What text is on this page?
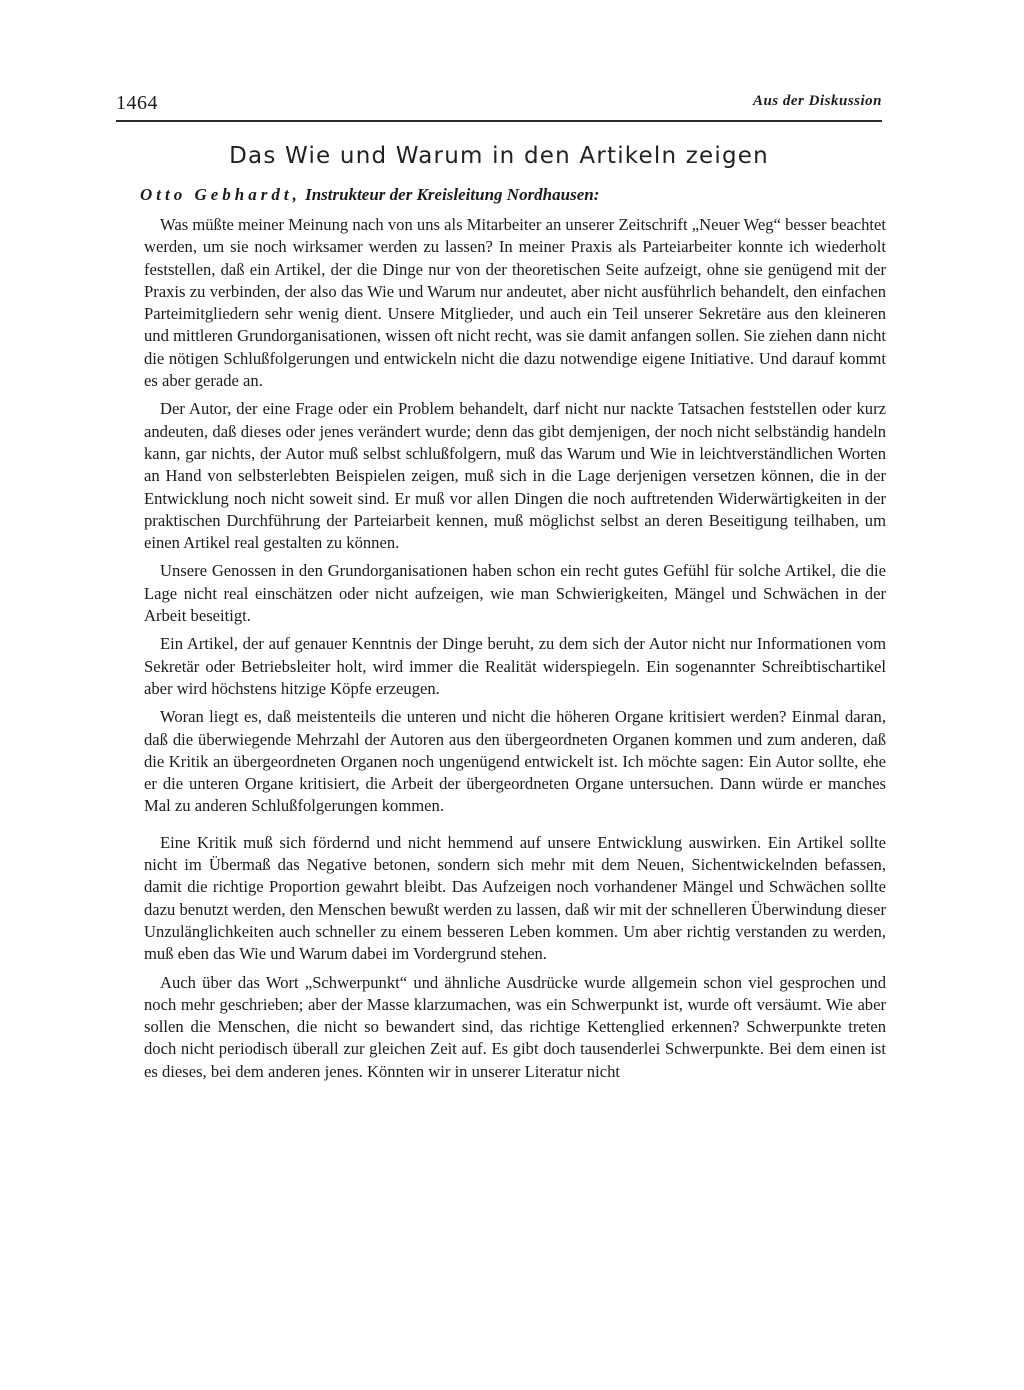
1464	Aus der Diskussion
Das Wie und Warum in den Artikeln zeigen
Otto Gebhardt, Instrukteur der Kreisleitung Nordhausen:

Was müßte meiner Meinung nach von uns als Mitarbeiter an unserer Zeitschrift „Neuer Weg“ besser beachtet werden, um sie noch wirksamer werden zu lassen? In meiner Praxis als Parteiarbeiter konnte ich wiederholt feststellen, daß ein Artikel, der die Dinge nur von der theoretischen Seite aufzeigt, ohne sie genügend mit der Praxis zu verbinden, der also das Wie und Warum nur andeutet, aber nicht ausführlich behandelt, den einfachen Parteimitgliedern sehr wenig dient. Unsere Mitglieder, und auch ein Teil unserer Sekretäre aus den kleineren und mittleren Grundorganisationen, wissen oft nicht recht, was sie damit anfangen sollen. Sie ziehen dann nicht die nötigen Schlußfolgerungen und entwickeln nicht die dazu notwendige eigene Initiative. Und darauf kommt es aber gerade an.

Der Autor, der eine Frage oder ein Problem behandelt, darf nicht nur nackte Tatsachen feststellen oder kurz andeuten, daß dieses oder jenes verändert wurde; denn das gibt demjenigen, der noch nicht selbständig handeln kann, gar nichts, der Autor muß selbst schlußfolgern, muß das Warum und Wie in leichtverständlichen Worten an Hand von selbsterlebten Beispielen zeigen, muß sich in die Lage derjenigen versetzen können, die in der Entwicklung noch nicht soweit sind. Er muß vor allen Dingen die noch auftretenden Widerwärtigkeiten in der praktischen Durchführung der Parteiarbeit kennen, muß möglichst selbst an deren Beseitigung teilhaben, um einen Artikel real gestalten zu können.

Unsere Genossen in den Grundorganisationen haben schon ein recht gutes Gefühl für solche Artikel, die die Lage nicht real einschätzen oder nicht aufzeigen, wie man Schwierigkeiten, Mängel und Schwächen in der Arbeit beseitigt.

Ein Artikel, der auf genauer Kenntnis der Dinge beruht, zu dem sich der Autor nicht nur Informationen vom Sekretär oder Betriebsleiter holt, wird immer die Realität widerspiegeln. Ein sogenannter Schreibtischartikel aber wird höchstens hitzige Köpfe erzeugen.

Woran liegt es, daß meistenteils die unteren und nicht die höheren Organe kritisiert werden? Einmal daran, daß die überwiegende Mehrzahl der Autoren aus den übergeordneten Organen kommen und zum anderen, daß die Kritik an übergeordneten Organen noch ungenügend entwickelt ist. Ich möchte sagen: Ein Autor sollte, ehe er die unteren Organe kritisiert, die Arbeit der übergeordneten Organe untersuchen. Dann würde er manches Mal zu anderen Schlußfolgerungen kommen.

Eine Kritik muß sich fördernd und nicht hemmend auf unsere Entwicklung auswirken. Ein Artikel sollte nicht im Übermaß das Negative betonen, sondern sich mehr mit dem Neuen, Sichentwickelnden befassen, damit die richtige Proportion gewahrt bleibt. Das Aufzeigen noch vorhandener Mängel und Schwächen sollte dazu benutzt werden, den Menschen bewußt werden zu lassen, daß wir mit der schnelleren Überwindung dieser Unzulänglichkeiten auch schneller zu einem besseren Leben kommen. Um aber richtig verstanden zu werden, muß eben das Wie und Warum dabei im Vordergrund stehen.

Auch über das Wort „Schwerpunkt“ und ähnliche Ausdrücke wurde allgemein schon viel gesprochen und noch mehr geschrieben; aber der Masse klarzumachen, was ein Schwerpunkt ist, wurde oft versäumt. Wie aber sollen die Menschen, die nicht so bewandert sind, das richtige Kettenglied erkennen? Schwerpunkte treten doch nicht periodisch überall zur gleichen Zeit auf. Es gibt doch tausenderlei Schwerpunkte. Bei dem einen ist es dieses, bei dem anderen jenes. Könnten wir in unserer Literatur nicht
